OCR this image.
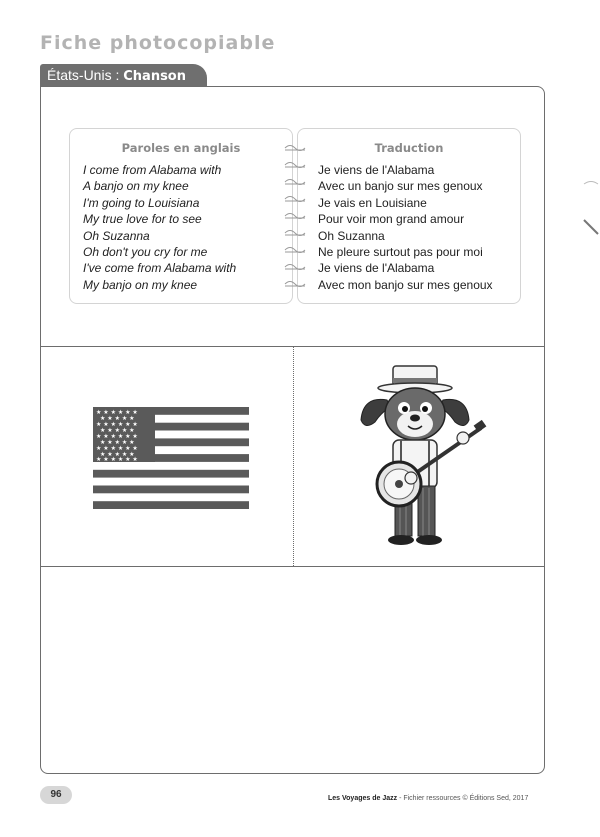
Fiche photocopiable
États-Unis : Chanson
Paroles en anglais
I come from Alabama with
A banjo on my knee
I'm going to Louisiana
My true love for to see
Oh Suzanna
Oh don't you cry for me
I've come from Alabama with
My banjo on my knee
Traduction
Je viens de l'Alabama
Avec un banjo sur mes genoux
Je vais en Louisiane
Pour voir mon grand amour
Oh Suzanna
Ne pleure surtout pas pour moi
Je viens de l'Alabama
Avec mon banjo sur mes genoux
★ ★ ★ ★ ★ ★
★ ★ ★ ★ ★
★ ★ ★ ★ ★ ★
★ ★ ★ ★ ★
★ ★ ★ ★ ★ ★
★ ★ ★ ★ ★
★ ★ ★ ★ ★ ★
★ ★ ★ ★ ★
★ ★ ★ ★ ★ ★
96	Les Voyages de Jazz - Fichier ressources © Éditions Sed, 2017
